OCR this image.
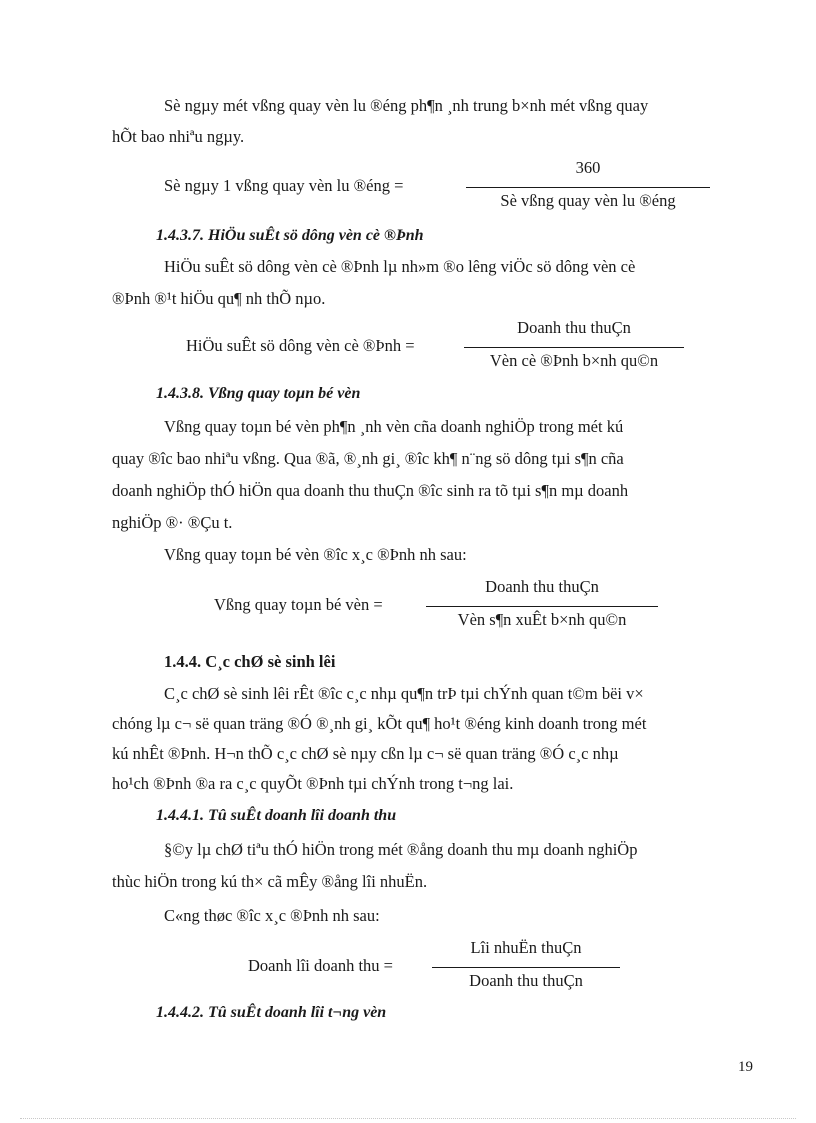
Sè ngµy mét vßng quay vèn lu ®éng ph¶n ¸nh trung b×nh mét vßng quay
hÕt bao nhiªu ngµy.
Sè ngµy 1 vßng quay vèn lu ®éng =
360
Sè vßng quay vèn lu ®éng
1.4.3.7. HiÖu suÊt sö dông vèn cè ®Þnh
HiÖu suÊt sö dông vèn cè ®Þnh lµ nh»m ®o lêng viÖc sö dông vèn cè
®Þnh ®¹t hiÖu qu¶ nh thÕ nµo.
HiÖu suÊt sö dông vèn cè ®Þnh =
Doanh thu thuÇn
Vèn cè ®Þnh b×nh qu©n
1.4.3.8. Vßng quay toµn bé vèn
Vßng quay toµn bé vèn ph¶n ¸nh vèn cña doanh nghiÖp trong mét kú
quay ®îc bao nhiªu vßng. Qua ®ã, ®¸nh gi¸ ®îc kh¶ n¨ng sö dông tµi s¶n cña
doanh nghiÖp thÓ hiÖn qua doanh thu thuÇn ®îc sinh ra tõ tµi s¶n mµ doanh
nghiÖp ®· ®Çu t.
Vßng quay toµn bé vèn ®îc x¸c ®Þnh nh sau:
Vßng quay toµn bé vèn =
Doanh thu thuÇn
Vèn s¶n xuÊt b×nh qu©n
1.4.4. C¸c chØ sè sinh lêi
C¸c chØ sè sinh lêi rÊt ®îc c¸c nhµ qu¶n trÞ tµi chÝnh quan t©m bëi v×
chóng lµ c¬ së quan träng ®Ó ®¸nh gi¸ kÕt qu¶ ho¹t ®éng kinh doanh trong mét
kú nhÊt ®Þnh. H¬n thÕ c¸c chØ sè nµy cßn lµ c¬ së quan träng ®Ó c¸c nhµ
ho¹ch ®Þnh ®a ra c¸c quyÕt ®Þnh tµi chÝnh trong t¬ng lai.
1.4.4.1. Tû suÊt doanh lîi doanh thu
§©y lµ chØ tiªu thÓ hiÖn trong mét ®ång doanh thu mµ doanh nghiÖp
thùc hiÖn trong kú th× cã mÊy ®ång lîi nhuËn.
C«ng thøc ®îc x¸c ®Þnh nh sau:
Doanh lîi doanh thu =
Lîi nhuËn thuÇn
Doanh thu thuÇn
1.4.4.2. Tû suÊt doanh lîi t¬ng vèn
19
